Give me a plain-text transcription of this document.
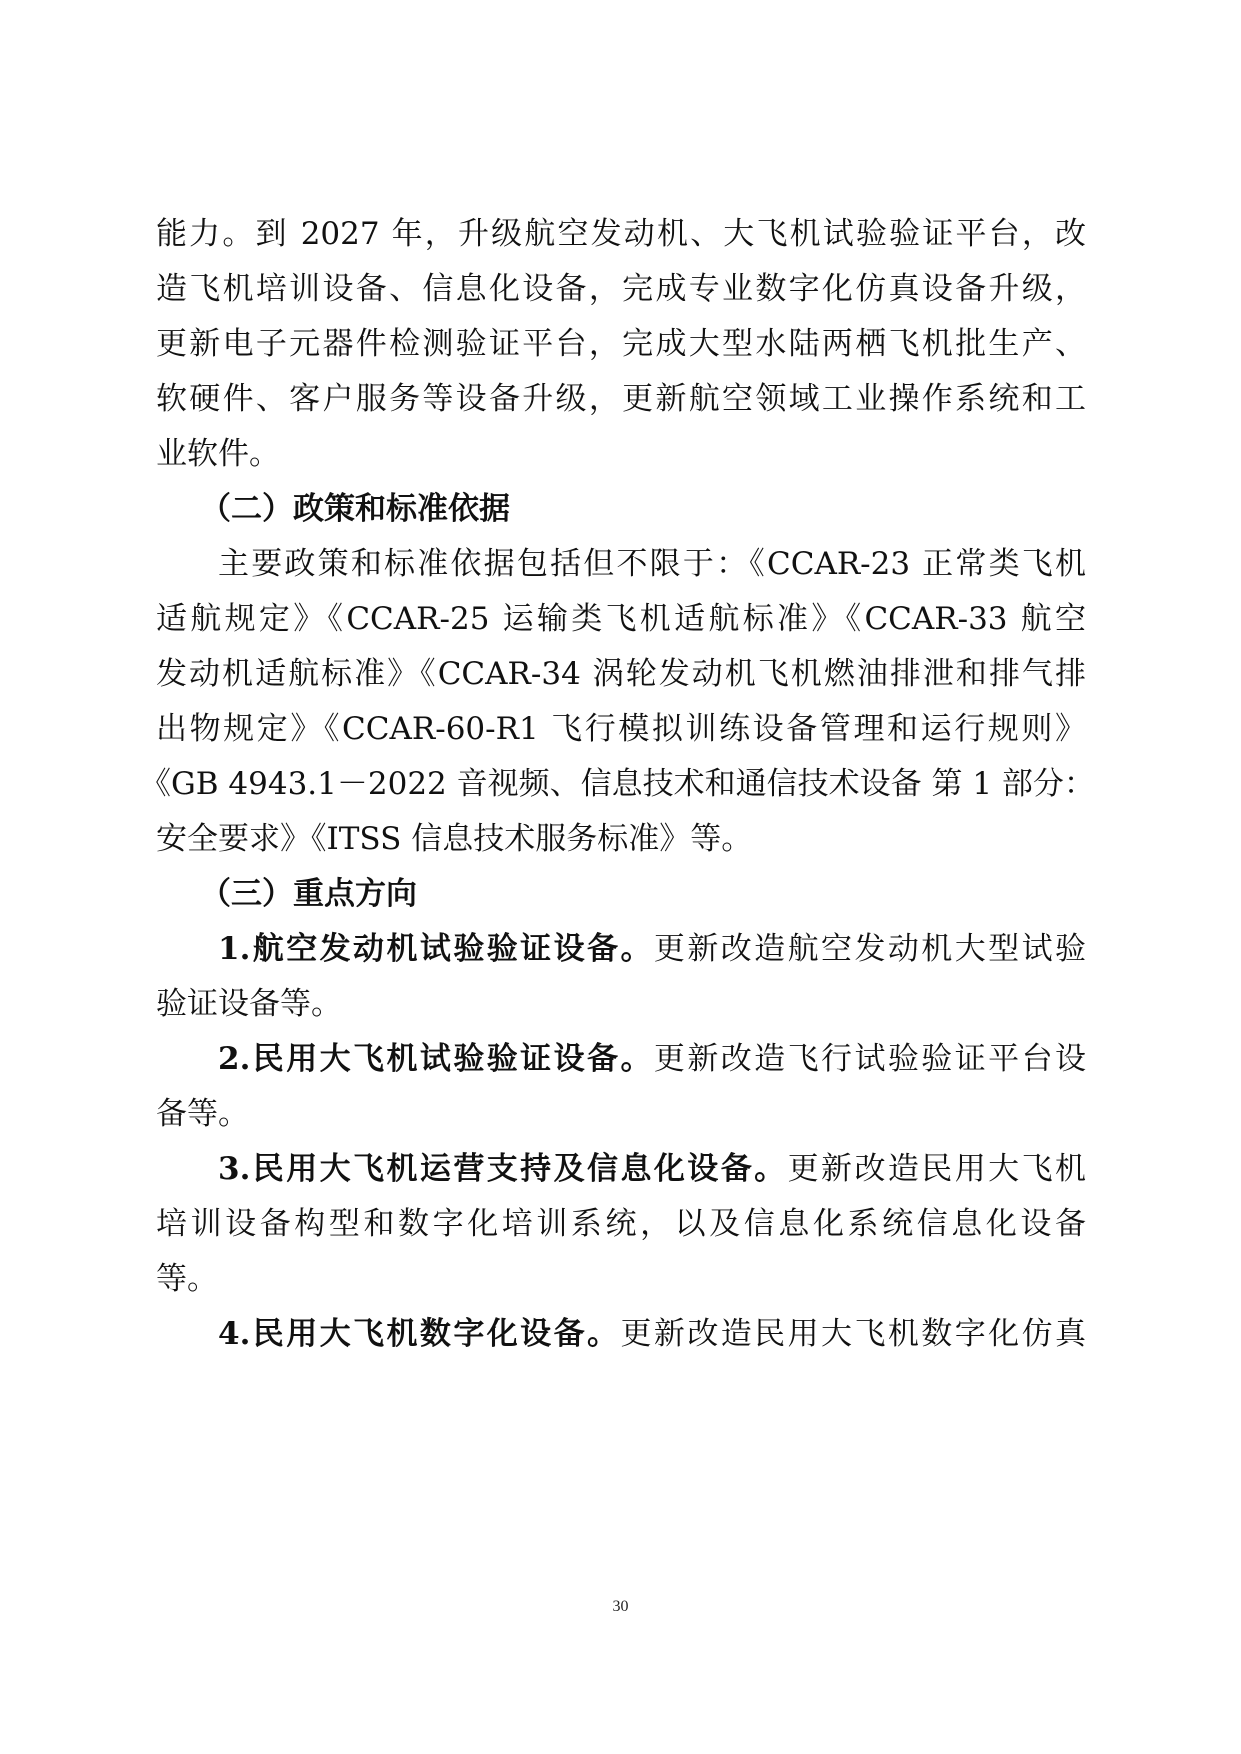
能力。到 2027 年，升级航空发动机、大飞机试验验证平台，改
造飞机培训设备、信息化设备，完成专业数字化仿真设备升级，
更新电子元器件检测验证平台，完成大型水陆两栖飞机批生产、
软硬件、客户服务等设备升级，更新航空领域工业操作系统和工
业软件。
（二）政策和标准依据
主要政策和标准依据包括但不限于：《CCAR-23 正常类飞机
适航规定》《CCAR-25 运输类飞机适航标准》《CCAR-33 航空
发动机适航标准》《CCAR-34 涡轮发动机飞机燃油排泄和排气排
出物规定》《CCAR-60-R1 飞行模拟训练设备管理和运行规则》
《GB 4943.1－2022 音视频、信息技术和通信技术设备 第 1 部分：
安全要求》《ITSS 信息技术服务标准》等。
（三）重点方向
1.航空发动机试验验证设备。更新改造航空发动机大型试验
验证设备等。
2.民用大飞机试验验证设备。更新改造飞行试验验证平台设
备等。
3.民用大飞机运营支持及信息化设备。更新改造民用大飞机
培训设备构型和数字化培训系统，以及信息化系统信息化设备
等。
4.民用大飞机数字化设备。更新改造民用大飞机数字化仿真
30
